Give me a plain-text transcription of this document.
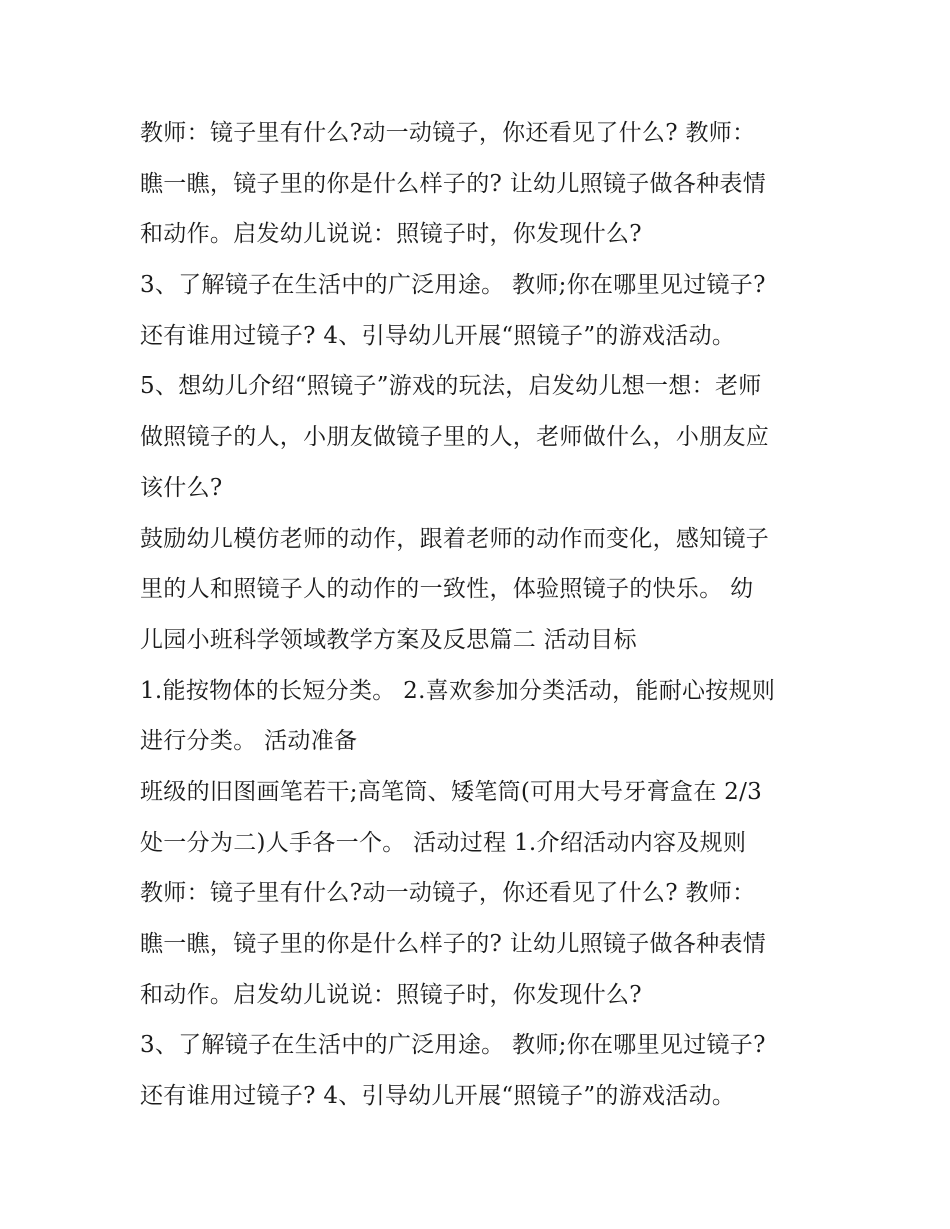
教师：镜子里有什么?动一动镜子，你还看见了什么? 教师：
瞧一瞧，镜子里的你是什么样子的? 让幼儿照镜子做各种表情
和动作。启发幼儿说说：照镜子时，你发现什么?
3、了解镜子在生活中的广泛用途。 教师;你在哪里见过镜子?
还有谁用过镜子? 4、引导幼儿开展“照镜子”的游戏活动。
5、想幼儿介绍“照镜子”游戏的玩法，启发幼儿想一想：老师
做照镜子的人，小朋友做镜子里的人，老师做什么，小朋友应
该什么?
鼓励幼儿模仿老师的动作，跟着老师的动作而变化，感知镜子
里的人和照镜子人的动作的一致性，体验照镜子的快乐。 幼
儿园小班科学领域教学方案及反思篇二 活动目标
1.能按物体的长短分类。 2.喜欢参加分类活动，能耐心按规则
进行分类。 活动准备
班级的旧图画笔若干;高笔筒、矮笔筒(可用大号牙膏盒在 2/3
处一分为二)人手各一个。 活动过程 1.介绍活动内容及规则
教师：镜子里有什么?动一动镜子，你还看见了什么? 教师：
瞧一瞧，镜子里的你是什么样子的? 让幼儿照镜子做各种表情
和动作。启发幼儿说说：照镜子时，你发现什么?
3、了解镜子在生活中的广泛用途。 教师;你在哪里见过镜子?
还有谁用过镜子? 4、引导幼儿开展“照镜子”的游戏活动。
